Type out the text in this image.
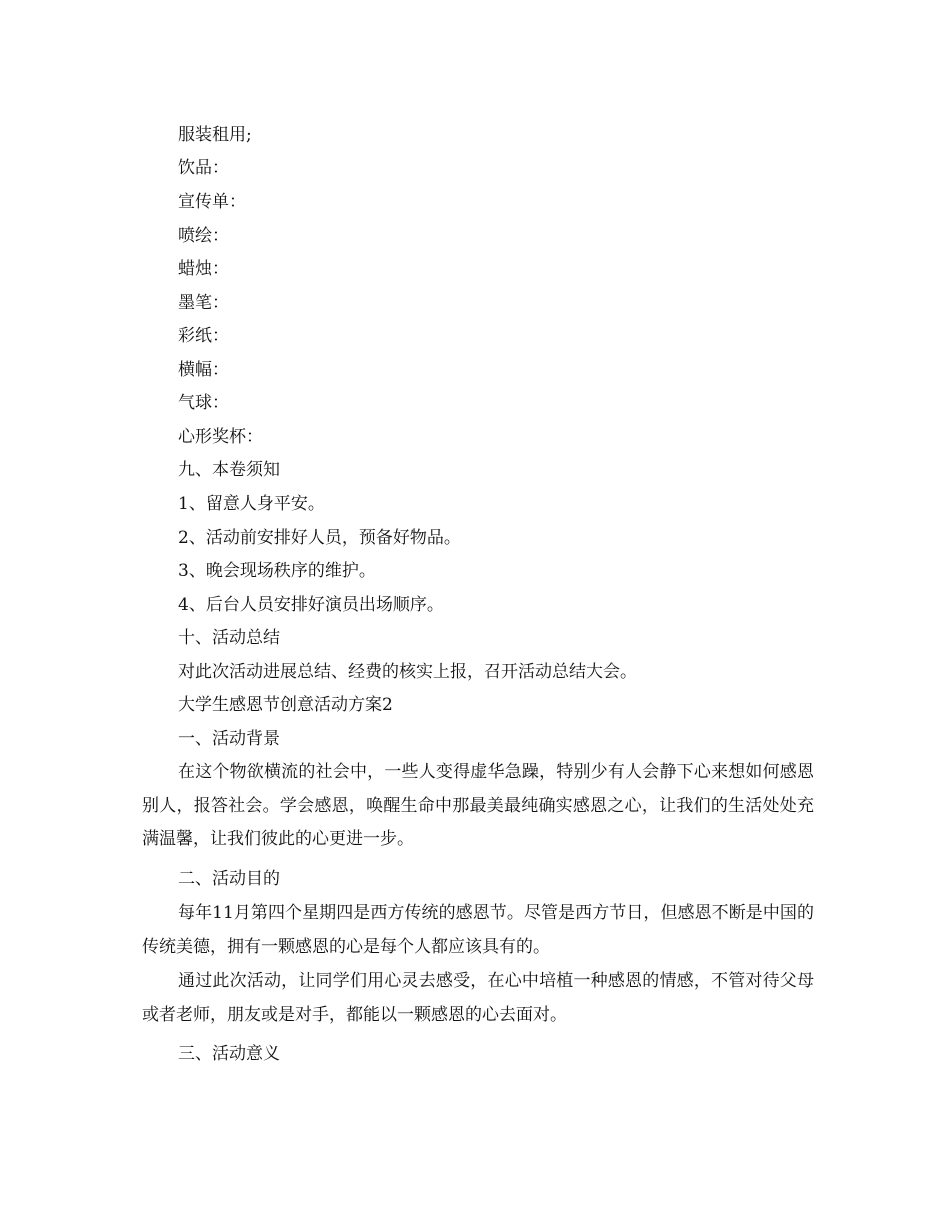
服装租用;
饮品：
宣传单：
喷绘：
蜡烛：
墨笔：
彩纸：
横幅：
气球：
心形奖杯：
九、本卷须知
1、留意人身平安。
2、活动前安排好人员，预备好物品。
3、晚会现场秩序的维护。
4、后台人员安排好演员出场顺序。
十、活动总结
对此次活动进展总结、经费的核实上报，召开活动总结大会。
大学生感恩节创意活动方案2
一、活动背景
在这个物欲横流的社会中，一些人变得虚华急躁，特别少有人会静下心来想如何感恩别人，报答社会。学会感恩，唤醒生命中那最美最纯确实感恩之心，让我们的生活处处充满温馨，让我们彼此的心更进一步。
二、活动目的
每年11月第四个星期四是西方传统的感恩节。尽管是西方节日，但感恩不断是中国的传统美德，拥有一颗感恩的心是每个人都应该具有的。
通过此次活动，让同学们用心灵去感受，在心中培植一种感恩的情感，不管对待父母或者老师，朋友或是对手，都能以一颗感恩的心去面对。
三、活动意义
